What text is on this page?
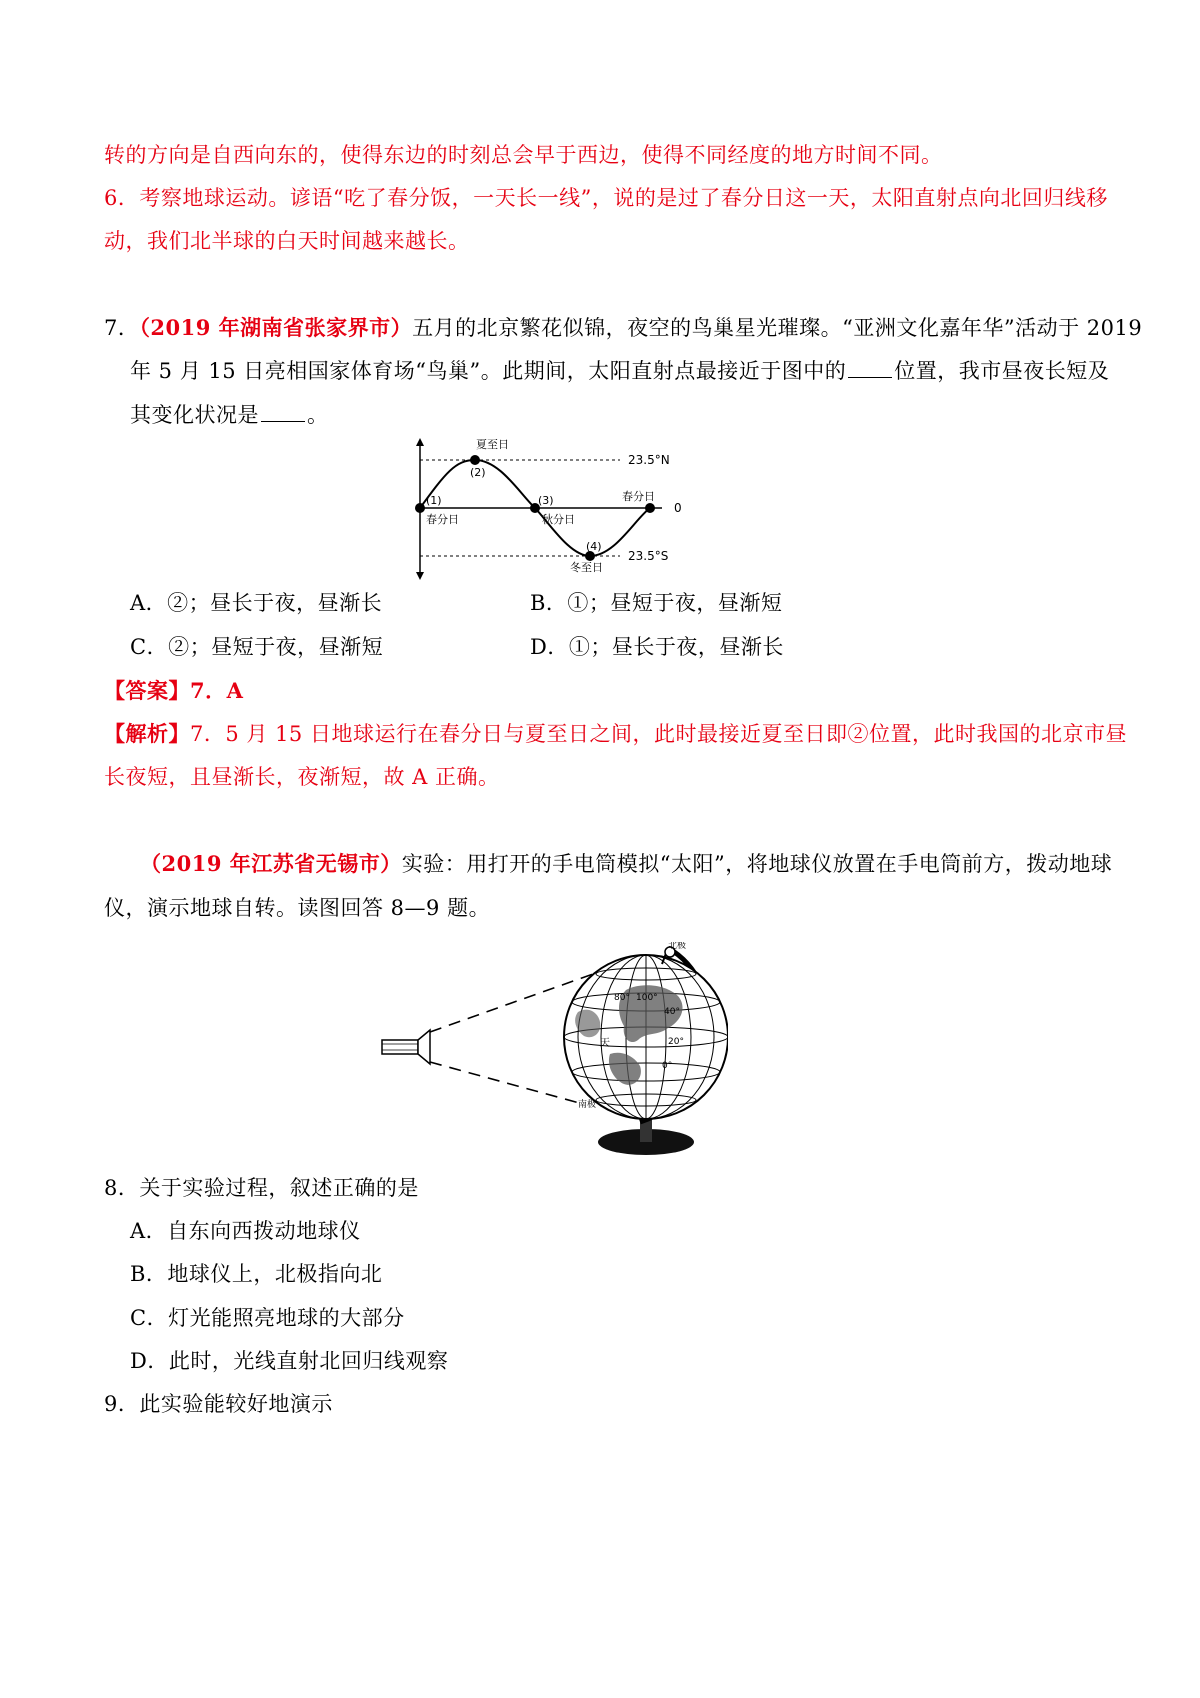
转的方向是自西向东的，使得东边的时刻总会早于西边，使得不同经度的地方时间不同。
6．考察地球运动。谚语“吃了春分饭，一天长一线”，说的是过了春分日这一天，太阳直射点向北回归线移
动，我们北半球的白天时间越来越长。
7．（2019 年湖南省张家界市）五月的北京繁花似锦，夜空的鸟巢星光璀璨。“亚洲文化嘉年华”活动于 2019
年 5 月 15 日亮相国家体育场“鸟巢”。此期间，太阳直射点最接近于图中的 位置，我市昼夜长短及
其变化状况是 。
夏至日
(2)
(1)
春分日
(3)
秋分日
春分日
(4)
冬至日
23.5°N
0
23.5°S
A．②；昼长于夜，昼渐长	B．①；昼短于夜，昼渐短
C．②；昼短于夜，昼渐短	D．①；昼长于夜，昼渐长
【答案】7．A
【解析】7．5 月 15 日地球运行在春分日与夏至日之间，此时最接近夏至日即②位置，此时我国的北京市昼
长夜短，且昼渐长，夜渐短，故 A 正确。
（2019 年江苏省无锡市）实验：用打开的手电筒模拟“太阳”，将地球仪放置在手电筒前方，拨动地球
仪，演示地球自转。读图回答 8—9 题。
北极
南极
天
100°
40°
20°
0°
80°
8．关于实验过程，叙述正确的是
A．自东向西拨动地球仪
B．地球仪上，北极指向北
C．灯光能照亮地球的大部分
D．此时，光线直射北回归线观察
9．此实验能较好地演示
